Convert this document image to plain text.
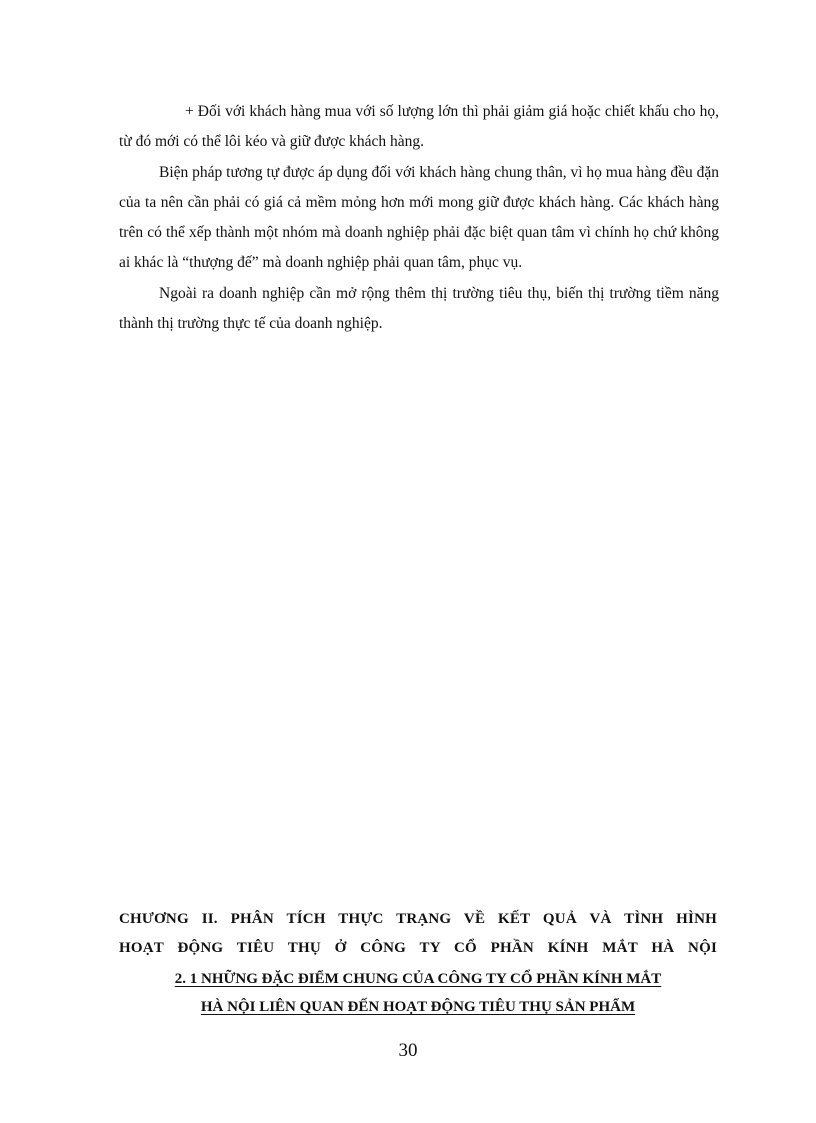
+ Đối với khách hàng mua với số lượng lớn thì phải giảm giá hoặc chiết khấu cho họ, từ đó mới có thể lôi kéo và giữ được khách hàng.

Biện pháp tương tự được áp dụng đối với khách hàng chung thân, vì họ mua hàng đều đặn của ta nên cần phải có giá cả mềm mỏng hơn mới mong giữ được khách hàng. Các khách hàng trên có thể xếp thành một nhóm mà doanh nghiệp phải đặc biệt quan tâm vì chính họ chứ không ai khác là “thượng đế” mà doanh nghiệp phải quan tâm, phục vụ.

Ngoài ra doanh nghiệp cần mở rộng thêm thị trường tiêu thụ, biến thị trường tiềm năng thành thị trường thực tế của doanh nghiệp.

CHƯƠNG II. PHÂN TÍCH THỰC TRẠNG VỀ KẾT QUẢ VÀ TÌNH HÌNH
HOẠT ĐỘNG TIÊU THỤ Ở CÔNG TY CỔ PHẦN KÍNH MẮT HÀ NỘI
2. 1 NHỮNG ĐẶC ĐIỂM CHUNG CỦA CÔNG TY CỔ PHẦN KÍNH MẮT
HÀ NỘI LIÊN QUAN ĐẾN HOẠT ĐỘNG TIÊU THỤ SẢN PHẨM
30
